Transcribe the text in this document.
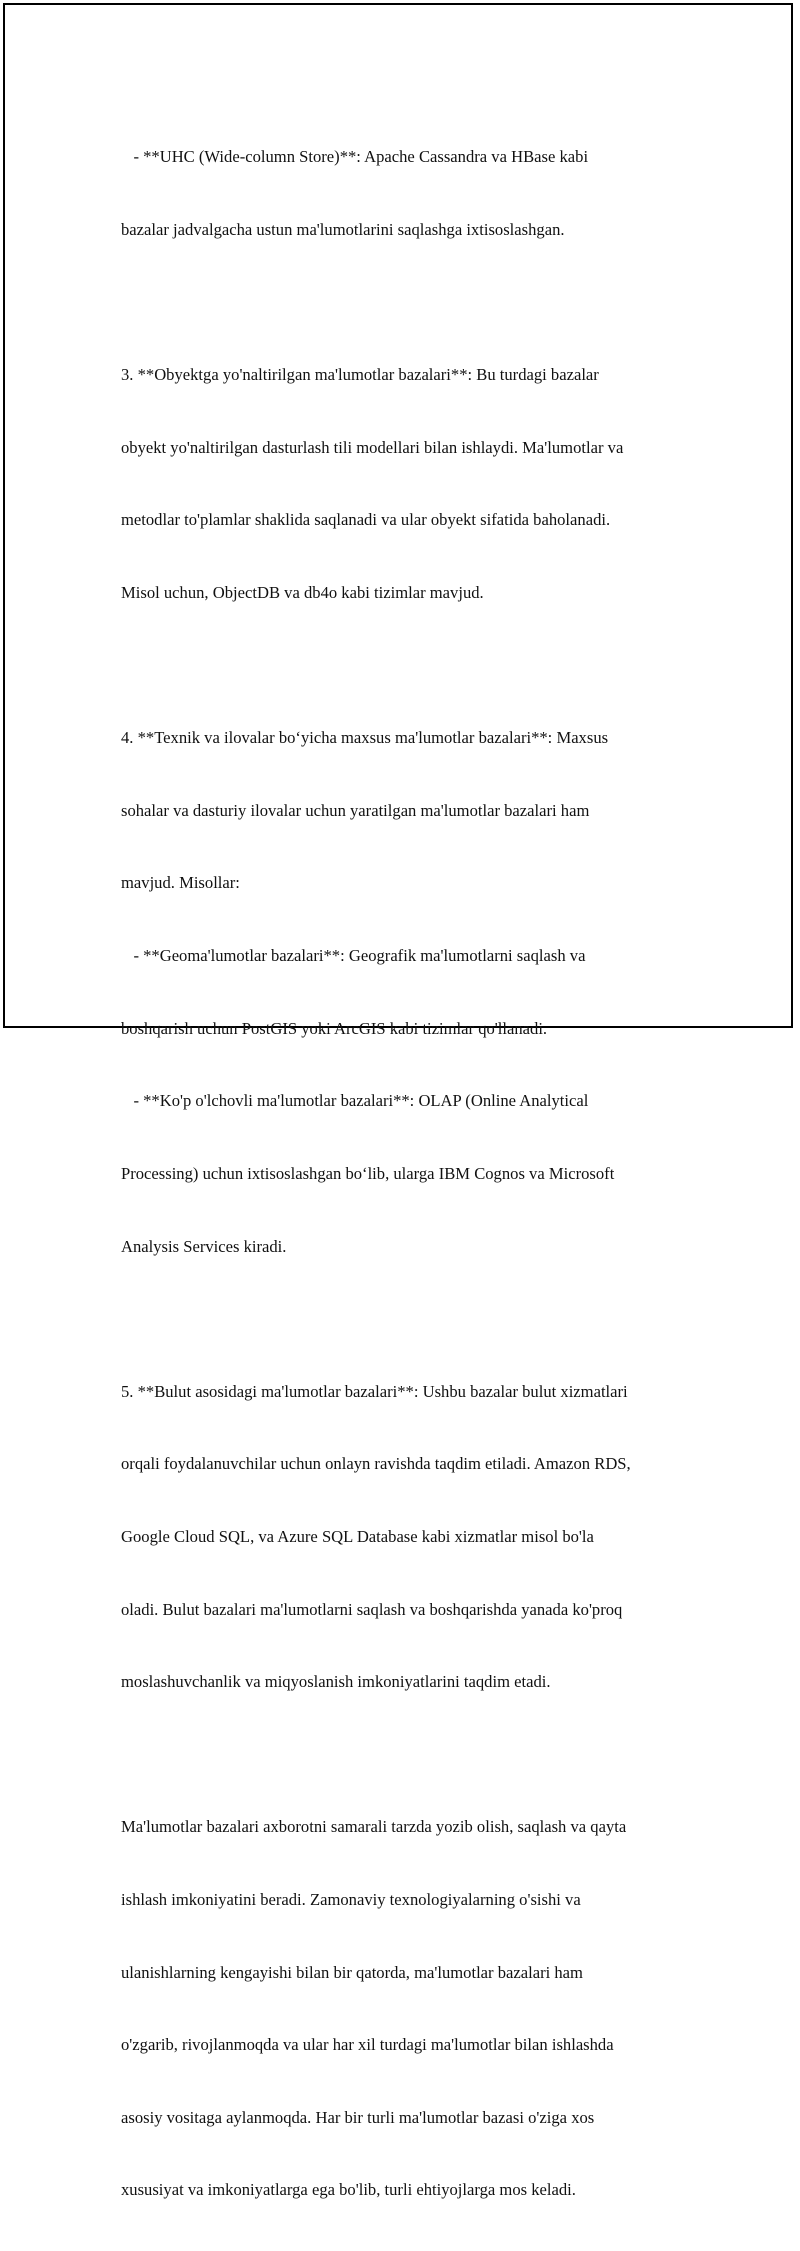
- **UHC (Wide-column Store)**: Apache Cassandra va HBase kabi

bazalar jadvalgacha ustun ma'lumotlarini saqlashga ixtisoslashgan.

3. **Obyektga yo'naltirilgan ma'lumotlar bazalari**: Bu turdagi bazalar

obyekt yo'naltirilgan dasturlash tili modellari bilan ishlaydi. Ma'lumotlar va

metodlar to'plamlar shaklida saqlanadi va ular obyekt sifatida baholanadi.

Misol uchun, ObjectDB va db4o kabi tizimlar mavjud.

4. **Texnik va ilovalar bo‘yicha maxsus ma'lumotlar bazalari**: Maxsus

sohalar va dasturiy ilovalar uchun yaratilgan ma'lumotlar bazalari ham

mavjud. Misollar:

- **Geoma'lumotlar bazalari**: Geografik ma'lumotlarni saqlash va

boshqarish uchun PostGIS yoki ArcGIS kabi tizimlar qo'llanadi.

- **Ko'p o'lchovli ma'lumotlar bazalari**: OLAP (Online Analytical

Processing) uchun ixtisoslashgan bo‘lib, ularga IBM Cognos va Microsoft

Analysis Services kiradi.

5. **Bulut asosidagi ma'lumotlar bazalari**: Ushbu bazalar bulut xizmatlari

orqali foydalanuvchilar uchun onlayn ravishda taqdim etiladi. Amazon RDS,

Google Cloud SQL, va Azure SQL Database kabi xizmatlar misol bo'la

oladi. Bulut bazalari ma'lumotlarni saqlash va boshqarishda yanada ko'proq

moslashuvchanlik va miqyoslanish imkoniyatlarini taqdim etadi.

Ma'lumotlar bazalari axborotni samarali tarzda yozib olish, saqlash va qayta

ishlash imkoniyatini beradi. Zamonaviy texnologiyalarning o'sishi va

ulanishlarning kengayishi bilan bir qatorda, ma'lumotlar bazalari ham

o'zgarib, rivojlanmoqda va ular har xil turdagi ma'lumotlar bilan ishlashda

asosiy vositaga aylanmoqda. Har bir turli ma'lumotlar bazasi o'ziga xos

xususiyat va imkoniyatlarga ega bo'lib, turli ehtiyojlarga mos keladi.
